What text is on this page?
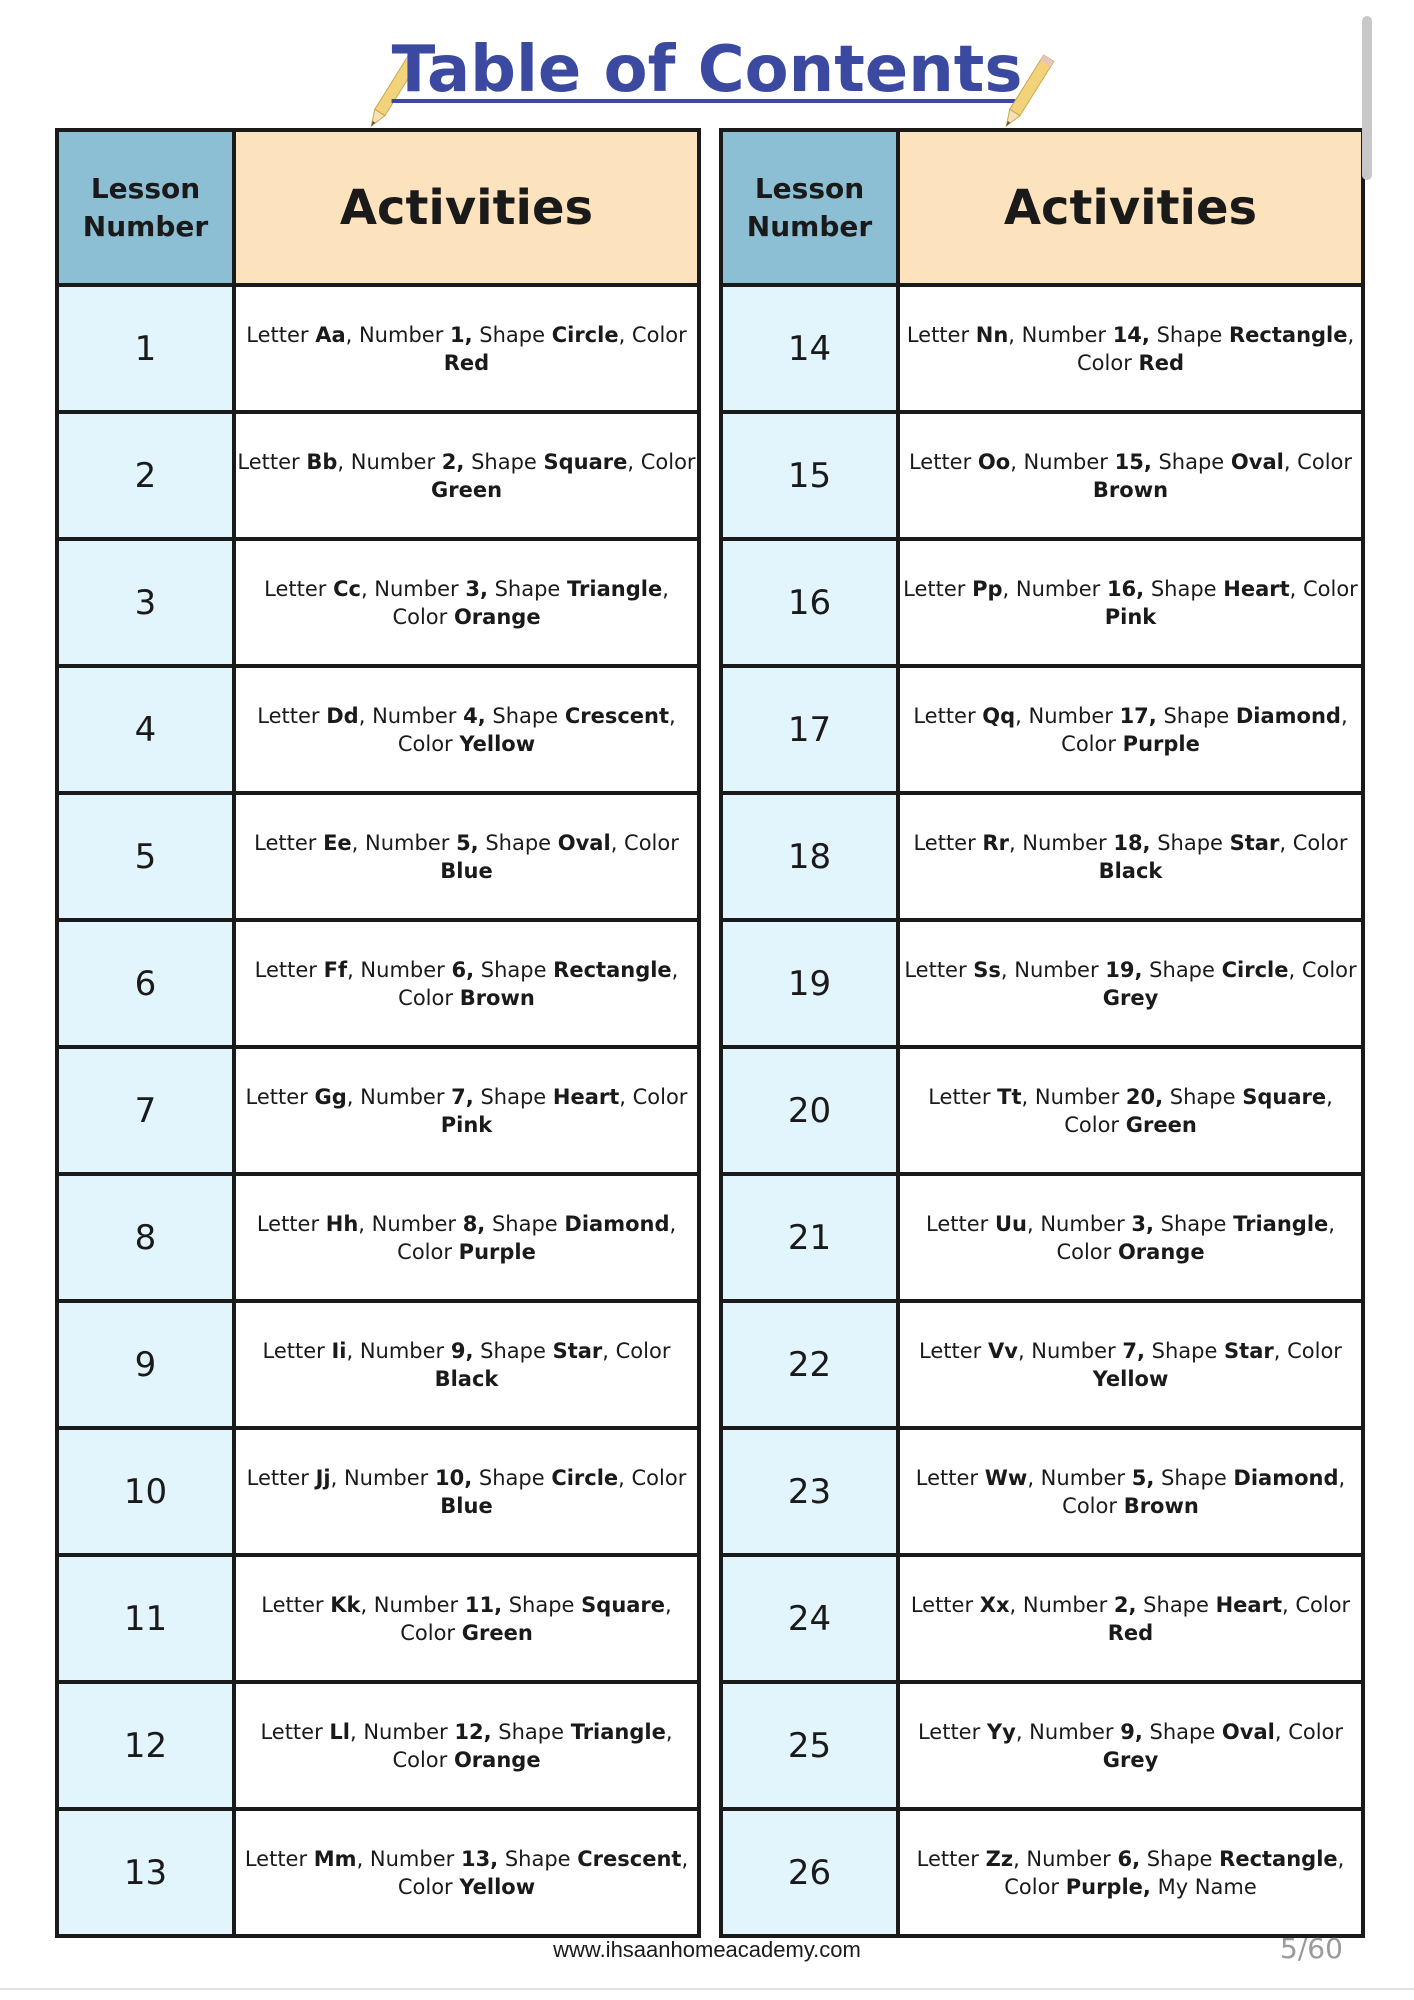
Table of Contents
Lesson
Number	Activities
1	Letter Aa, Number 1, Shape Circle, Color Red
2	Letter Bb, Number 2, Shape Square, Color Green
3	Letter Cc, Number 3, Shape Triangle, Color Orange
4	Letter Dd, Number 4, Shape Crescent, Color Yellow
5	Letter Ee, Number 5, Shape Oval, Color Blue
6	Letter Ff, Number 6, Shape Rectangle, Color Brown
7	Letter Gg, Number 7, Shape Heart, Color Pink
8	Letter Hh, Number 8, Shape Diamond, Color Purple
9	Letter Ii, Number 9, Shape Star, Color Black
10	Letter Jj, Number 10, Shape Circle, Color Blue
11	Letter Kk, Number 11, Shape Square, Color Green
12	Letter Ll, Number 12, Shape Triangle, Color Orange
13	Letter Mm, Number 13, Shape Crescent, Color Yellow
Lesson
Number	Activities
14	Letter Nn, Number 14, Shape Rectangle, Color Red
15	Letter Oo, Number 15, Shape Oval, Color Brown
16	Letter Pp, Number 16, Shape Heart, Color Pink
17	Letter Qq, Number 17, Shape Diamond, Color Purple
18	Letter Rr, Number 18, Shape Star, Color Black
19	Letter Ss, Number 19, Shape Circle, Color Grey
20	Letter Tt, Number 20, Shape Square, Color Green
21	Letter Uu, Number 3, Shape Triangle, Color Orange
22	Letter Vv, Number 7, Shape Star, Color Yellow
23	Letter Ww, Number 5, Shape Diamond, Color Brown
24	Letter Xx, Number 2, Shape Heart, Color Red
25	Letter Yy, Number 9, Shape Oval, Color Grey
26	Letter Zz, Number 6, Shape Rectangle, Color Purple, My Name
www.ihsaanhomeacademy.com	5/60
